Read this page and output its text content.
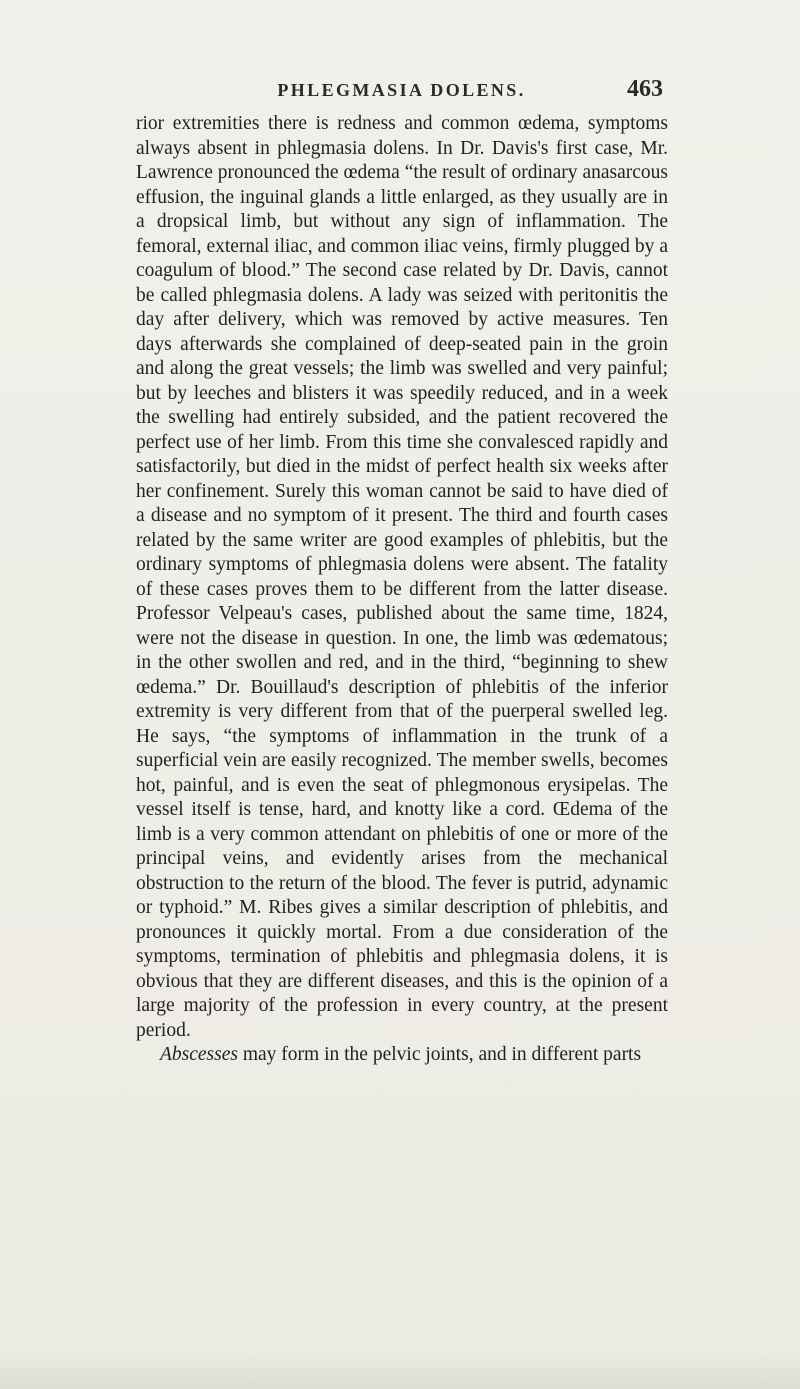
PHLEGMASIA DOLENS.	463

rior extremities there is redness and common œdema, symptoms always absent in phlegmasia dolens. In Dr. Davis's first case, Mr. Lawrence pronounced the œdema “the result of ordinary anasarcous effusion, the inguinal glands a little enlarged, as they usually are in a dropsical limb, but without any sign of inflammation. The femoral, external iliac, and common iliac veins, firmly plugged by a coagulum of blood.” The second case related by Dr. Davis, cannot be called phlegmasia dolens. A lady was seized with peritonitis the day after delivery, which was removed by active measures. Ten days afterwards she complained of deep-seated pain in the groin and along the great vessels; the limb was swelled and very painful; but by leeches and blisters it was speedily reduced, and in a week the swelling had entirely subsided, and the patient recovered the perfect use of her limb. From this time she convalesced rapidly and satisfactorily, but died in the midst of perfect health six weeks after her confinement. Surely this woman cannot be said to have died of a disease and no symptom of it present. The third and fourth cases related by the same writer are good examples of phlebitis, but the ordinary symptoms of phlegmasia dolens were absent. The fatality of these cases proves them to be different from the latter disease. Professor Velpeau's cases, published about the same time, 1824, were not the disease in question. In one, the limb was œdematous; in the other swollen and red, and in the third, “beginning to shew œdema.” Dr. Bouillaud's description of phlebitis of the inferior extremity is very different from that of the puerperal swelled leg. He says, “the symptoms of inflammation in the trunk of a superficial vein are easily recognized. The member swells, becomes hot, painful, and is even the seat of phlegmonous erysipelas. The vessel itself is tense, hard, and knotty like a cord. Œdema of the limb is a very common attendant on phlebitis of one or more of the principal veins, and evidently arises from the mechanical obstruction to the return of the blood. The fever is putrid, adynamic or typhoid.” M. Ribes gives a similar description of phlebitis, and pronounces it quickly mortal. From a due consideration of the symptoms, termination of phlebitis and phlegmasia dolens, it is obvious that they are different diseases, and this is the opinion of a large majority of the profession in every country, at the present period.

Abscesses may form in the pelvic joints, and in different parts
